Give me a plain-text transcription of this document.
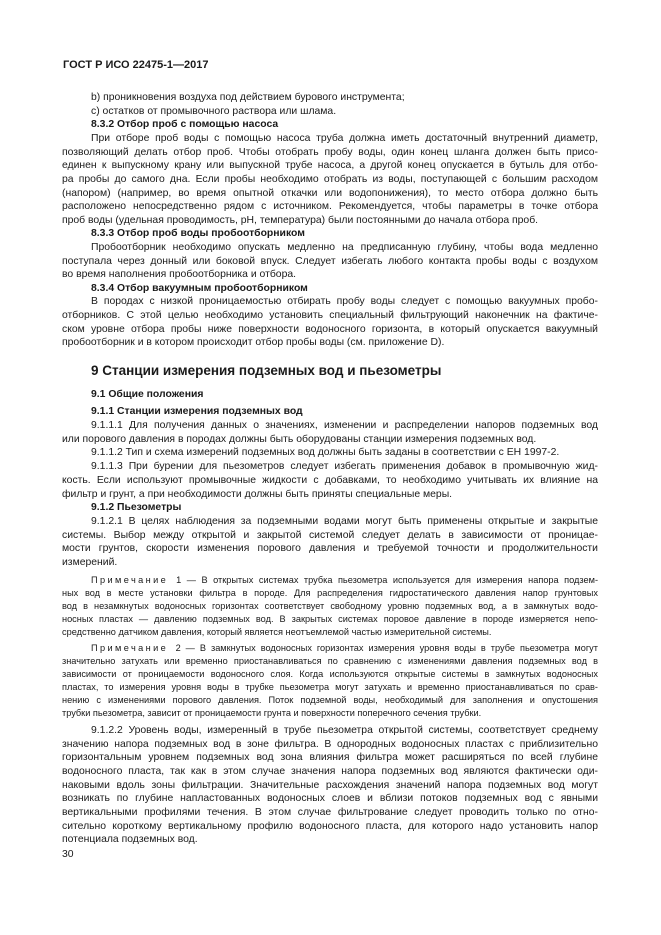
ГОСТ Р ИСО 22475-1—2017
9 Станции измерения подземных вод и пьезометры
b) проникновения воздуха под действием бурового инструмента;
c) остатков от промывочного раствора или шлама.
8.3.2 Отбор проб с помощью насоса
При отборе проб воды с помощью насоса труба должна иметь достаточный внутренний диаметр,
позволяющий делать отбор проб. Чтобы отобрать пробу воды, один конец шланга должен быть присо-
единен к выпускному крану или выпускной трубе насоса, а другой конец опускается в бутыль для отбо-
ра пробы до самого дна. Если пробы необходимо отобрать из воды, поступающей с большим расходом
(напором) (например, во время опытной откачки или водопонижения), то место отбора должно быть
расположено непосредственно рядом с источником. Рекомендуется, чтобы параметры в точке отбора
проб воды (удельная проводимость, pH, температура) были постоянными до начала отбора проб.
8.3.3 Отбор проб воды пробоотборником
Пробоотборник необходимо опускать медленно на предписанную глубину, чтобы вода медленно
поступала через донный или боковой впуск. Следует избегать любого контакта пробы воды с воздухом
во время наполнения пробоотборника и отбора.
8.3.4 Отбор вакуумным пробоотборником
В породах с низкой проницаемостью отбирать пробу воды следует с помощью вакуумных пробо-
отборников. С этой целью необходимо установить специальный фильтрующий наконечник на фактиче-
ском уровне отбора пробы ниже поверхности водоносного горизонта, в который опускается вакуумный
пробоотборник и в котором происходит отбор пробы воды (см. приложение D).
9.1 Общие положения
9.1.1 Станции измерения подземных вод
9.1.1.1 Для получения данных о значениях, изменении и распределении напоров подземных вод
или порового давления в породах должны быть оборудованы станции измерения подземных вод.
9.1.1.2 Тип и схема измерений подземных вод должны быть заданы в соответствии с ЕН 1997-2.
9.1.1.3 При бурении для пьезометров следует избегать применения добавок в промывочную жид-
кость. Если используют промывочные жидкости с добавками, то необходимо учитывать их влияние на
фильтр и грунт, а при необходимости должны быть приняты специальные меры.
9.1.2 Пьезометры
9.1.2.1 В целях наблюдения за подземными водами могут быть применены открытые и закрытые
системы. Выбор между открытой и закрытой системой следует делать в зависимости от проницае-
мости грунтов, скорости изменения порового давления и требуемой точности и продолжительности
измерений.
Примечание 1 — В открытых системах трубка пьезометра используется для измерения напора подзем-
ных вод в месте установки фильтра в породе. Для распределения гидростатического давления напор грунтовых
вод в незамкнутых водоносных горизонтах соответствует свободному уровню подземных вод, а в замкнутых водо-
носных пластах — давлению подземных вод. В закрытых системах поровое давление в породе измеряется непо-
средственно датчиком давления, который является неотъемлемой частью измерительной системы.
Примечание 2 — В замкнутых водоносных горизонтах измерения уровня воды в трубе пьезометра могут
значительно затухать или временно приостанавливаться по сравнению с изменениями давления подземных вод в
зависимости от проницаемости водоносного слоя. Когда используются открытые системы в замкнутых водоносных
пластах, то измерения уровня воды в трубке пьезометра могут затухать и временно приостанавливаться по срав-
нению с изменениями порового давления. Поток подземной воды, необходимый для заполнения и опустошения
трубки пьезометра, зависит от проницаемости грунта и поверхности поперечного сечения трубки.
9.1.2.2 Уровень воды, измеренный в трубе пьезометра открытой системы, соответствует среднему
значению напора подземных вод в зоне фильтра. В однородных водоносных пластах с приблизительно
горизонтальным уровнем подземных вод зона влияния фильтра может расширяться по всей глубине
водоносного пласта, так как в этом случае значения напора подземных вод являются фактически оди-
наковыми вдоль зоны фильтрации. Значительные расхождения значений напора подземных вод могут
возникать по глубине напластованных водоносных слоев и вблизи потоков подземных вод с явными
вертикальными профилями течения. В этом случае фильтрование следует проводить только по отно-
сительно короткому вертикальному профилю водоносного пласта, для которого надо установить напор
потенциала подземных вод.
30
